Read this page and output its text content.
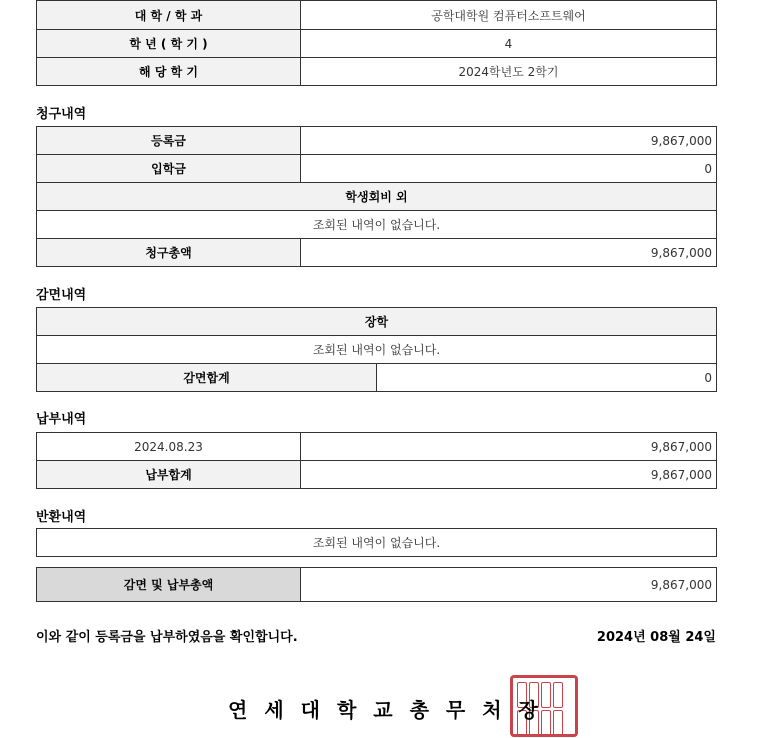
대 학 / 학 과	공학대학원 컴퓨터소프트웨어
학 년 ( 학 기 )	4
해 당 학 기	2024학년도 2학기
청구내역
등록금	9,867,000
입학금	0
학생회비 외	
조회된 내역이 없습니다.	
청구총액	9,867,000
감면내역
장학
조회된 내역이 없습니다.
감면합계	0
납부내역
2024.08.23	9,867,000
납부합계	9,867,000
반환내역
조회된 내역이 없습니다.
감면 및 납부총액	9,867,000
이와 같이 등록금을 납부하였음을 확인합니다.	2024년 08월 24일
연세대학교총무처장
